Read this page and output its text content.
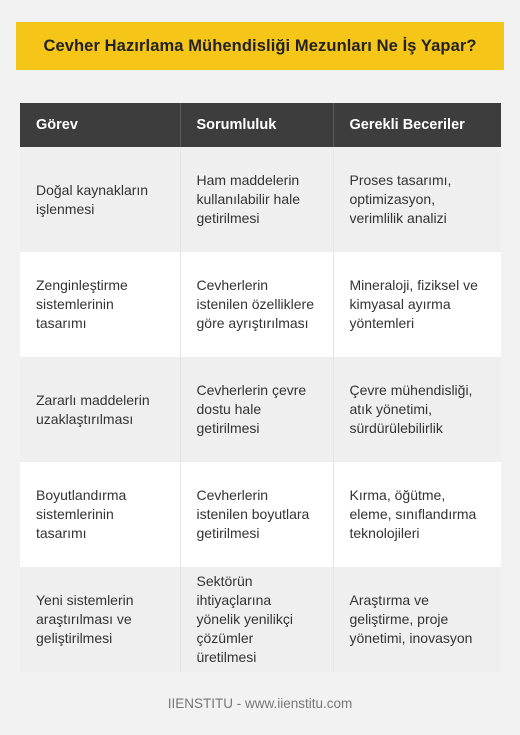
Cevher Hazırlama Mühendisliği Mezunları Ne İş Yapar?
Görev	Sorumluluk	Gerekli Beceriler
Doğal kaynakların işlenmesi	Ham maddelerin kullanılabilir hale getirilmesi	Proses tasarımı, optimizasyon, verimlilik analizi
Zenginleştirme sistemlerinin tasarımı	Cevherlerin istenilen özelliklere göre ayrıştırılması	Mineraloji, fiziksel ve kimyasal ayırma yöntemleri
Zararlı maddelerin uzaklaştırılması	Cevherlerin çevre dostu hale getirilmesi	Çevre mühendisliği, atık yönetimi, sürdürülebilirlik
Boyutlandırma sistemlerinin tasarımı	Cevherlerin istenilen boyutlara getirilmesi	Kırma, öğütme, eleme, sınıflandırma teknolojileri
Yeni sistemlerin araştırılması ve geliştirilmesi	Sektörün ihtiyaçlarına yönelik yenilikçi çözümler üretilmesi	Araştırma ve geliştirme, proje yönetimi, inovasyon
IIENSTITU - www.iienstitu.com
